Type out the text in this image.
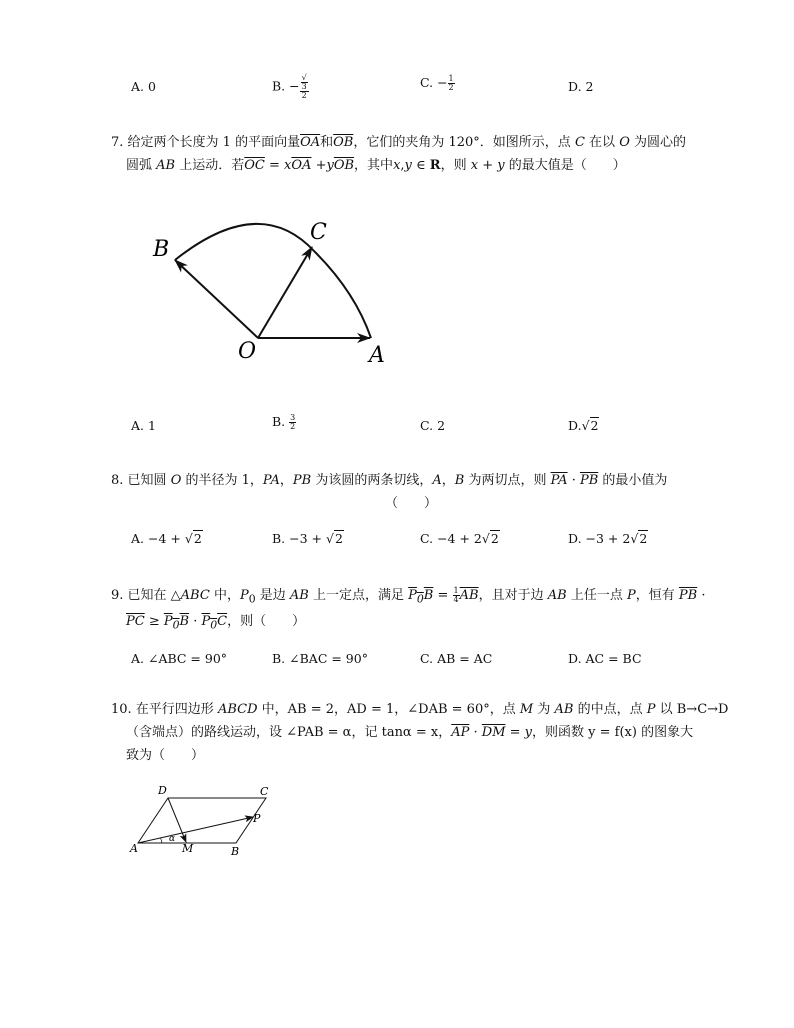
A. 0	B. − √
3
2	C. − $\frac{1}{2}$	D. 2
7. 给定两个长度为 1 的平面向量$\overline{OA}$和$\overline{OB}$，它们的夹角为 120°．如图所示，点 C 在以 O 为圆心的
圆弧 AB 上运动．若$\overline{OC} = x\overline{OA} +y\overline{OB}$，其中x,y ∈ R，则 x + y 的最大值是（　　）
B
C
O	A
A. 1	B. $\frac{3}{2}$	C. 2	D.√2
8. 已知圆 O 的半径为 1，PA，PB 为该圆的两条切线，A，B 为两切点，则 $\overline{PA} \cdot \overline{PB}$ 的最小值为
（　　）
A. −4 + √2	B. −3 + √2	C. −4 + 2√2	D. −3 + 2√2
9. 已知在 △ABC 中，$P_0$ 是边 AB 上一定点，满足 $P_0B = \frac{1}{4} \overline{AB}$，且对于边 AB 上任一点 P，恒有 $\overline{PB}$ ·
$\overline{PC} \ge P_0B \cdot P_0C$，则（　　）
A. ∠ABC = 90°	B. ∠BAC = 90°	C. AB = AC	D. AC = BC
10. 在平行四边形 ABCD 中，AB = 2，AD = 1，∠DAB = 60°，点 M 为 AB 的中点，点 P 以 B→C→D
（含端点）的路线运动，设 ∠PAB = α，记 tanα = x，$\overline{AP} \cdot \overline{DM} = y$，则函数 y = f(x) 的图象大
致为（　　）
D	C
P
A	M	B
α
